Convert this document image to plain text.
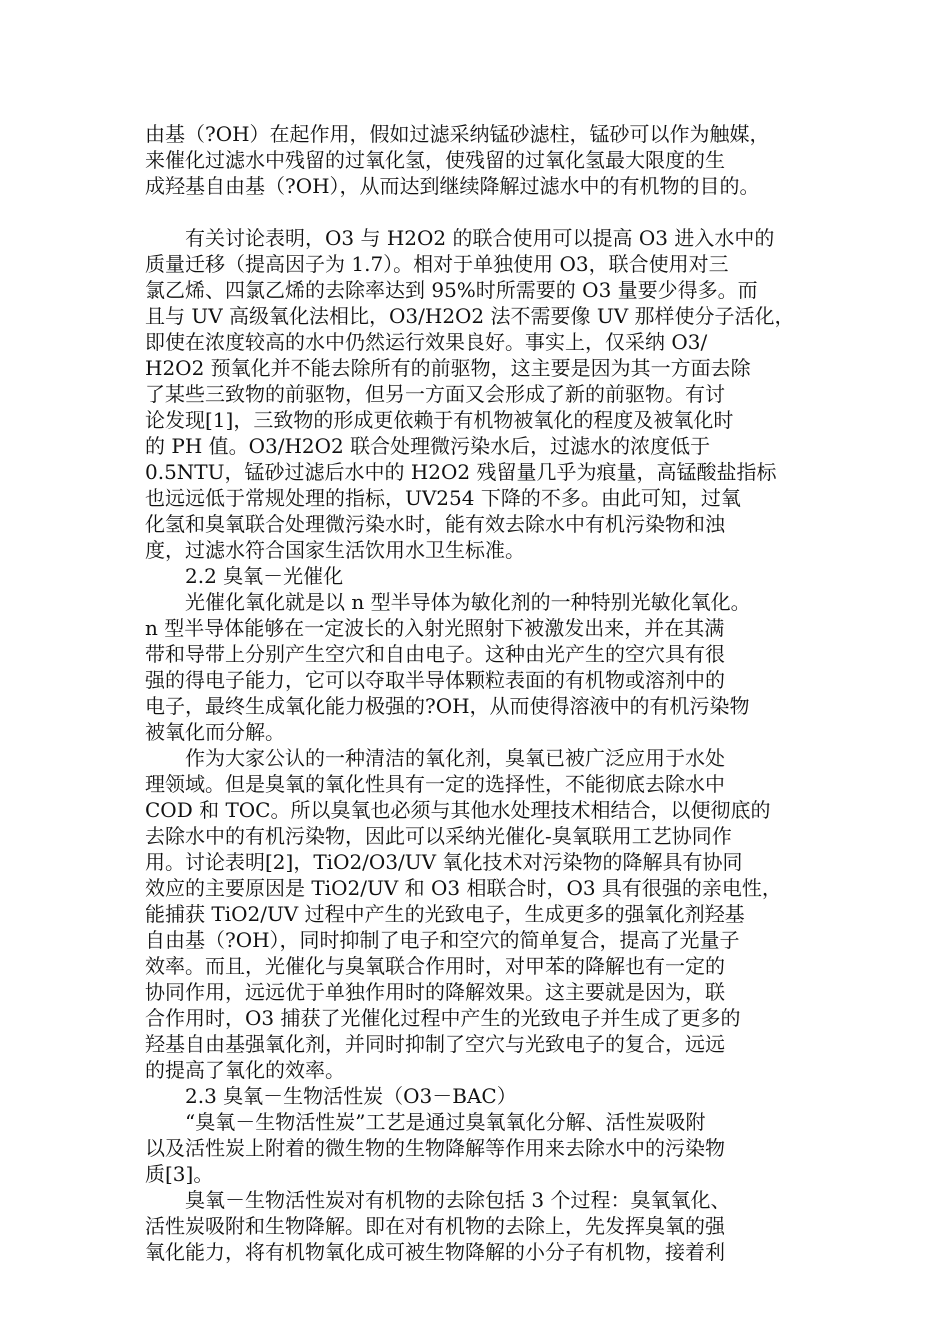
由基（?OH）在起作用，假如过滤采纳锰砂滤柱，锰砂可以作为触媒，
来催化过滤水中残留的过氧化氢，使残留的过氧化氢最大限度的生
成羟基自由基（?OH），从而达到继续降解过滤水中的有机物的目的。
　　有关讨论表明，O3 与 H2O2 的联合使用可以提高 O3 进入水中的
质量迁移（提高因子为 1.7）。相对于单独使用 O3，联合使用对三
氯乙烯、四氯乙烯的去除率达到 95%时所需要的 O3 量要少得多。而
且与 UV 高级氧化法相比，O3/H2O2 法不需要像 UV 那样使分子活化，
即使在浓度较高的水中仍然运行效果良好。事实上，仅采纳 O3/
H2O2 预氧化并不能去除所有的前驱物，这主要是因为其一方面去除
了某些三致物的前驱物，但另一方面又会形成了新的前驱物。有讨
论发现[1]，三致物的形成更依赖于有机物被氧化的程度及被氧化时
的 PH 值。O3/H2O2 联合处理微污染水后，过滤水的浓度低于
0.5NTU，锰砂过滤后水中的 H2O2 残留量几乎为痕量，高锰酸盐指标
也远远低于常规处理的指标，UV254 下降的不多。由此可知，过氧
化氢和臭氧联合处理微污染水时，能有效去除水中有机污染物和浊
度，过滤水符合国家生活饮用水卫生标准。
　　2.2 臭氧－光催化
　　光催化氧化就是以 n 型半导体为敏化剂的一种特别光敏化氧化。
n 型半导体能够在一定波长的入射光照射下被激发出来，并在其满
带和导带上分别产生空穴和自由电子。这种由光产生的空穴具有很
强的得电子能力，它可以夺取半导体颗粒表面的有机物或溶剂中的
电子，最终生成氧化能力极强的?OH，从而使得溶液中的有机污染物
被氧化而分解。
　　作为大家公认的一种清洁的氧化剂，臭氧已被广泛应用于水处
理领域。但是臭氧的氧化性具有一定的选择性，不能彻底去除水中
COD 和 TOC。所以臭氧也必须与其他水处理技术相结合，以便彻底的
去除水中的有机污染物，因此可以采纳光催化-臭氧联用工艺协同作
用。讨论表明[2]，TiO2/O3/UV 氧化技术对污染物的降解具有协同
效应的主要原因是 TiO2/UV 和 O3 相联合时，O3 具有很强的亲电性，
能捕获 TiO2/UV 过程中产生的光致电子，生成更多的强氧化剂羟基
自由基（?OH），同时抑制了电子和空穴的简单复合，提高了光量子
效率。而且，光催化与臭氧联合作用时，对甲苯的降解也有一定的
协同作用，远远优于单独作用时的降解效果。这主要就是因为，联
合作用时，O3 捕获了光催化过程中产生的光致电子并生成了更多的
羟基自由基强氧化剂，并同时抑制了空穴与光致电子的复合，远远
的提高了氧化的效率。
　　2.3 臭氧－生物活性炭（O3－BAC）
　　“臭氧－生物活性炭”工艺是通过臭氧氧化分解、活性炭吸附
以及活性炭上附着的微生物的生物降解等作用来去除水中的污染物
质[3]。
　　臭氧－生物活性炭对有机物的去除包括 3 个过程：臭氧氧化、
活性炭吸附和生物降解。即在对有机物的去除上，先发挥臭氧的强
氧化能力，将有机物氧化成可被生物降解的小分子有机物，接着利
